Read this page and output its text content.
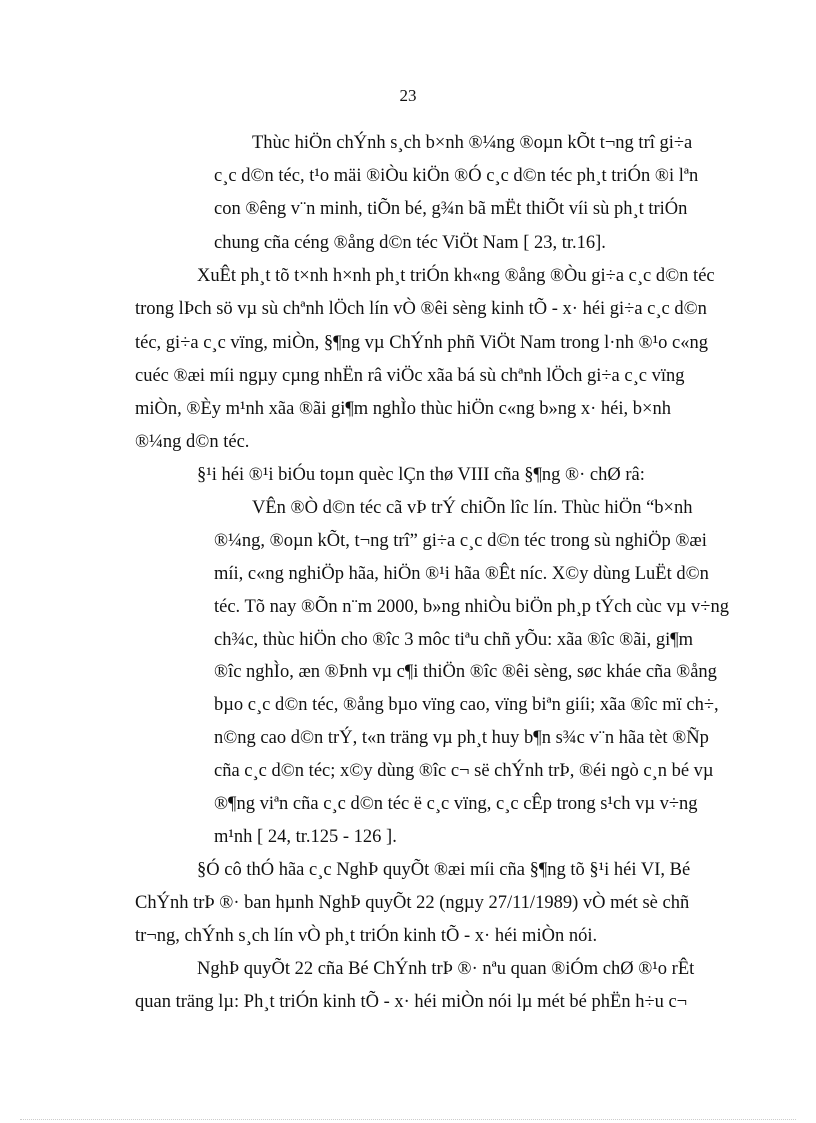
23
Thùc hiÖn chÝnh s¸ch b×nh ®¼ng ®oµn kÕt t¬ng trî gi÷a
c¸c d©n téc, t¹o mäi ®iÒu kiÖn ®Ó c¸c d©n téc ph¸t triÓn ®i lªn
con ®êng v¨n minh, tiÕn bé, g¾n bã mËt thiÕt víi sù ph¸t triÓn
chung cña céng ®ång d©n téc ViÖt Nam [ 23, tr.16].
XuÊt ph¸t tõ t×nh h×nh ph¸t triÓn kh«ng ®ång ®Òu gi÷a c¸c d©n téc
trong lÞch sö vµ sù chªnh lÖch lín vÒ ®êi sèng kinh tÕ - x· héi gi÷a c¸c d©n
téc, gi÷a c¸c vïng, miÒn, §¶ng vµ ChÝnh phñ ViÖt Nam trong l·nh ®¹o c«ng
cuéc ®æi míi ngµy cµng nhËn râ viÖc xãa bá sù chªnh lÖch gi÷a c¸c vïng
miÒn, ®Èy m¹nh xãa ®ãi gi¶m nghÌo thùc hiÖn c«ng b»ng x· héi, b×nh
®¼ng d©n téc.
§¹i héi ®¹i biÓu toµn quèc lÇn thø VIII cña §¶ng ®· chØ râ:
VÊn ®Ò d©n téc cã vÞ trÝ chiÕn lîc lín. Thùc hiÖn “b×nh
®¼ng, ®oµn kÕt, t¬ng trî” gi÷a c¸c d©n téc trong sù nghiÖp ®æi
míi, c«ng nghiÖp hãa, hiÖn ®¹i hãa ®Êt níc. X©y dùng LuËt d©n
téc. Tõ nay ®Õn n¨m 2000, b»ng nhiÒu biÖn ph¸p tÝch cùc vµ v÷ng
ch¾c, thùc hiÖn cho ®îc 3 môc tiªu chñ yÕu: xãa ®îc ®ãi, gi¶m
®îc nghÌo, æn ®Þnh vµ c¶i thiÖn ®îc ®êi sèng, søc kháe cña ®ång
bµo c¸c d©n téc, ®ång bµo vïng cao, vïng biªn giíi; xãa ®îc mï ch÷,
n©ng cao d©n trÝ, t«n träng vµ ph¸t huy b¶n s¾c v¨n hãa tèt ®Ñp
cña c¸c d©n téc; x©y dùng ®îc c¬ së chÝnh trÞ, ®éi ngò c¸n bé vµ
®¶ng viªn cña c¸c d©n téc ë c¸c vïng, c¸c cÊp trong s¹ch vµ v÷ng
m¹nh [ 24, tr.125 - 126 ].
§Ó cô thÓ hãa c¸c NghÞ quyÕt ®æi míi cña §¶ng tõ §¹i héi VI, Bé
ChÝnh trÞ ®· ban hµnh NghÞ quyÕt 22 (ngµy 27/11/1989) vÒ mét sè chñ
tr¬ng, chÝnh s¸ch lín vÒ ph¸t triÓn kinh tÕ - x· héi miÒn nói.
NghÞ quyÕt 22 cña Bé ChÝnh trÞ ®· nªu quan ®iÓm chØ ®¹o rÊt
quan träng lµ: Ph¸t triÓn kinh tÕ - x· héi miÒn nói lµ mét bé phËn h÷u c¬
